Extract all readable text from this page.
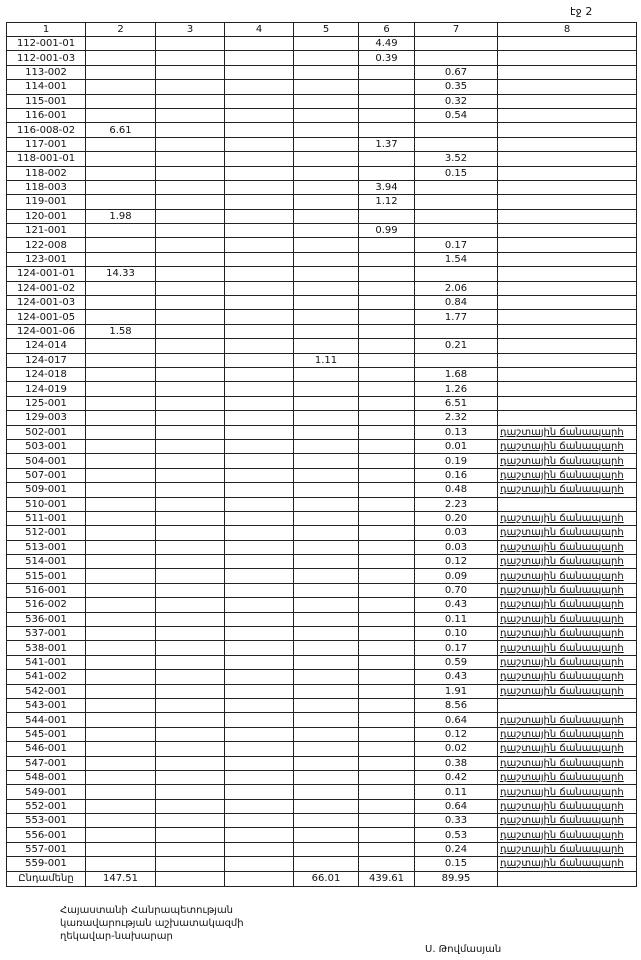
էջ 2
1	2	3	4	5	6	7	8
112-001-01					4.49		
112-001-03					0.39		
113-002						0.67	
114-001						0.35	
115-001						0.32	
116-001						0.54	
116-008-02	6.61						
117-001					1.37		
118-001-01						3.52	
118-002						0.15	
118-003					3.94		
119-001					1.12		
120-001	1.98						
121-001					0.99		
122-008						0.17	
123-001						1.54	
124-001-01	14.33						
124-001-02						2.06	
124-001-03						0.84	
124-001-05						1.77	
124-001-06	1.58						
124-014						0.21	
124-017				1.11			
124-018						1.68	
124-019						1.26	
125-001						6.51	
129-003						2.32	
502-001						0.13	դաշտային ճանապարհ
503-001						0.01	դաշտային ճանապարհ
504-001						0.19	դաշտային ճանապարհ
507-001						0.16	դաշտային ճանապարհ
509-001						0.48	դաշտային ճանապարհ
510-001						2.23	
511-001						0.20	դաշտային ճանապարհ
512-001						0.03	դաշտային ճանապարհ
513-001						0.03	դաշտային ճանապարհ
514-001						0.12	դաշտային ճանապարհ
515-001						0.09	դաշտային ճանապարհ
516-001						0.70	դաշտային ճանապարհ
516-002						0.43	դաշտային ճանապարհ
536-001						0.11	դաշտային ճանապարհ
537-001						0.10	դաշտային ճանապարհ
538-001						0.17	դաշտային ճանապարհ
541-001						0.59	դաշտային ճանապարհ
541-002						0.43	դաշտային ճանապարհ
542-001						1.91	դաշտային ճանապարհ
543-001						8.56	
544-001						0.64	դաշտային ճանապարհ
545-001						0.12	դաշտային ճանապարհ
546-001						0.02	դաշտային ճանապարհ
547-001						0.38	դաշտային ճանապարհ
548-001						0.42	դաշտային ճանապարհ
549-001						0.11	դաշտային ճանապարհ
552-001						0.64	դաշտային ճանապարհ
553-001						0.33	դաշտային ճանապարհ
556-001						0.53	դաշտային ճանապարհ
557-001						0.24	դաշտային ճանապարհ
559-001						0.15	դաշտային ճանապարհ
Ընդամենը	147.51			66.01	439.61	89.95	
Հայաստանի Հանրապետության
կառավարության աշխատակազմի
ղեկավար-նախարար
Ս. Թովմասյան
